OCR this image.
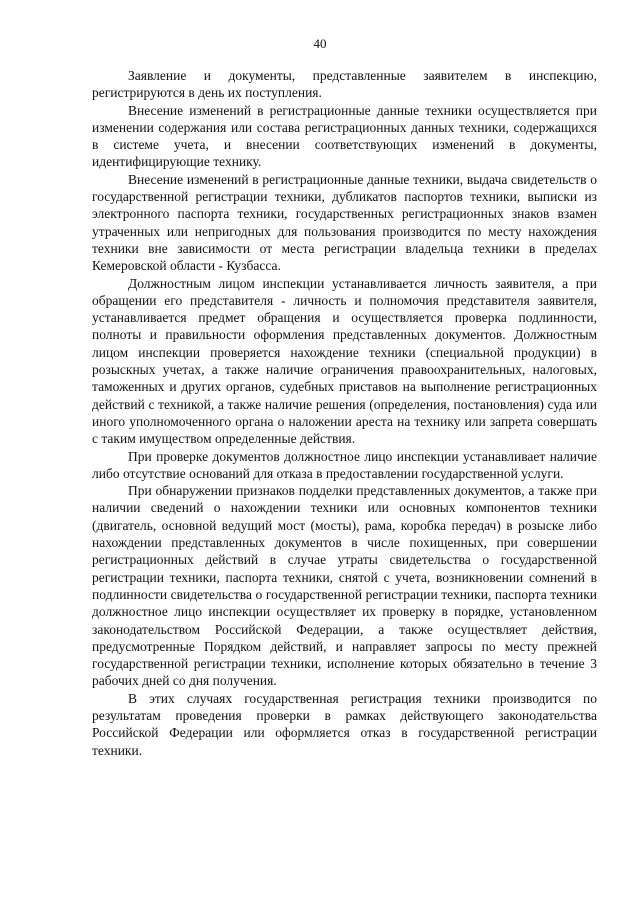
40

Заявление и документы, представленные заявителем в инспекцию, регистрируются в день их поступления.

Внесение изменений в регистрационные данные техники осуществляется при изменении содержания или состава регистрационных данных техники, содержащихся в системе учета, и внесении соответствующих изменений в документы, идентифицирующие технику.

Внесение изменений в регистрационные данные техники, выдача свидетельств о государственной регистрации техники, дубликатов паспортов техники, выписки из электронного паспорта техники, государственных регистрационных знаков взамен утраченных или непригодных для пользования производится по месту нахождения техники вне зависимости от места регистрации владельца техники в пределах Кемеровской области - Кузбасса.

Должностным лицом инспекции устанавливается личность заявителя, а при обращении его представителя - личность и полномочия представителя заявителя, устанавливается предмет обращения и осуществляется проверка подлинности, полноты и правильности оформления представленных документов. Должностным лицом инспекции проверяется нахождение техники (специальной продукции) в розыскных учетах, а также наличие ограничения правоохранительных, налоговых, таможенных и других органов, судебных приставов на выполнение регистрационных действий с техникой, а также наличие решения (определения, постановления) суда или иного уполномоченного органа о наложении ареста на технику или запрета совершать с таким имуществом определенные действия.

При проверке документов должностное лицо инспекции устанавливает наличие либо отсутствие оснований для отказа в предоставлении государственной услуги.

При обнаружении признаков подделки представленных документов, а также при наличии сведений о нахождении техники или основных компонентов техники (двигатель, основной ведущий мост (мосты), рама, коробка передач) в розыске либо нахождении представленных документов в числе похищенных, при совершении регистрационных действий в случае утраты свидетельства о государственной регистрации техники, паспорта техники, снятой с учета, возникновении сомнений в подлинности свидетельства о государственной регистрации техники, паспорта техники должностное лицо инспекции осуществляет их проверку в порядке, установленном законодательством Российской Федерации, а также осуществляет действия, предусмотренные Порядком действий, и направляет запросы по месту прежней государственной регистрации техники, исполнение которых обязательно в течение 3 рабочих дней со дня получения.

В этих случаях государственная регистрация техники производится по результатам проведения проверки в рамках действующего законодательства Российской Федерации или оформляется отказ в государственной регистрации техники.
